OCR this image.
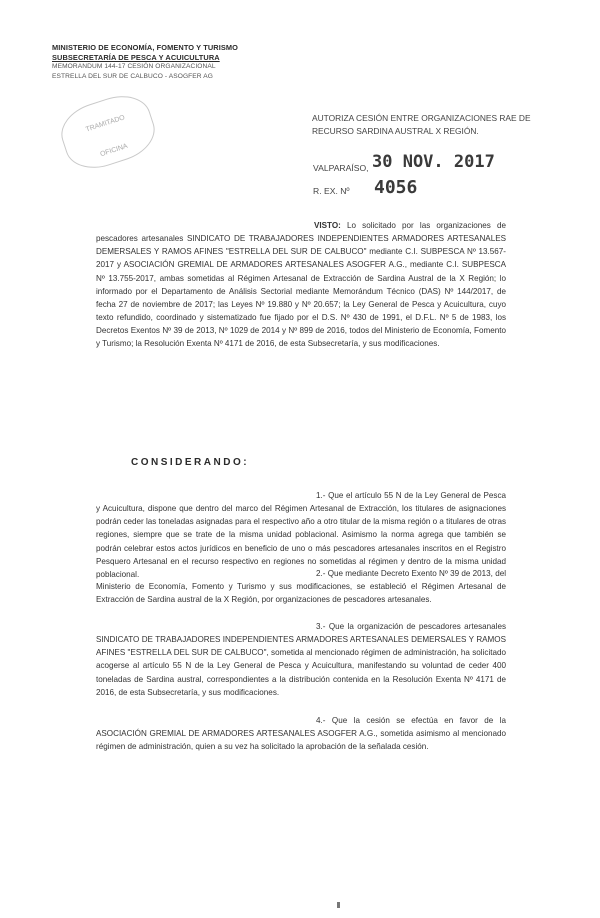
MINISTERIO DE ECONOMÍA, FOMENTO Y TURISMO
SUBSECRETARÍA DE PESCA Y ACUICULTURA
MEMORANDUM 144-17 CESIÓN ORGANIZACIONAL
ESTRELLA DEL SUR DE CALBUCO - ASOGFER AG
TRAMITADO
OFICINA
AUTORIZA CESIÓN ENTRE ORGANIZACIONES RAE DE RECURSO SARDINA AUSTRAL X REGIÓN.
VALPARAÍSO, 30 NOV. 2017
R. EX. Nº 4056
VISTO: Lo solicitado por las organizaciones de pescadores artesanales SINDICATO DE TRABAJADORES INDEPENDIENTES ARMADORES ARTESANALES DEMERSALES Y RAMOS AFINES "ESTRELLA DEL SUR DE CALBUCO" mediante C.I. SUBPESCA Nº 13.567-2017 y ASOCIACIÓN GREMIAL DE ARMADORES ARTESANALES ASOGFER A.G., mediante C.I. SUBPESCA Nº 13.755-2017, ambas sometidas al Régimen Artesanal de Extracción de Sardina Austral de la X Región; lo informado por el Departamento de Análisis Sectorial mediante Memorándum Técnico (DAS) Nº 144/2017, de fecha 27 de noviembre de 2017; las Leyes Nº 19.880 y Nº 20.657; la Ley General de Pesca y Acuicultura, cuyo texto refundido, coordinado y sistematizado fue fijado por el D.S. Nº 430 de 1991, el D.F.L. Nº 5 de 1983, los Decretos Exentos Nº 39 de 2013, Nº 1029 de 2014 y Nº 899 de 2016, todos del Ministerio de Economía, Fomento y Turismo; la Resolución Exenta Nº 4171 de 2016, de esta Subsecretaría, y sus modificaciones.
CONSIDERANDO:
1.- Que el artículo 55 N de la Ley General de Pesca y Acuicultura, dispone que dentro del marco del Régimen Artesanal de Extracción, los titulares de asignaciones podrán ceder las toneladas asignadas para el respectivo año a otro titular de la misma región o a titulares de otras regiones, siempre que se trate de la misma unidad poblacional. Asimismo la norma agrega que también se podrán celebrar estos actos jurídicos en beneficio de uno o más pescadores artesanales inscritos en el Registro Pesquero Artesanal en el recurso respectivo en regiones no sometidas al régimen y dentro de la misma unidad poblacional.	2.- Que mediante Decreto Exento Nº 39 de 2013, del Ministerio de Economía, Fomento y Turismo y sus modificaciones, se estableció el Régimen Artesanal de Extracción de Sardina austral de la X Región, por organizaciones de pescadores artesanales.
3.- Que la organización de pescadores artesanales SINDICATO DE TRABAJADORES INDEPENDIENTES ARMADORES ARTESANALES DEMERSALES Y RAMOS AFINES "ESTRELLA DEL SUR DE CALBUCO", sometida al mencionado régimen de administración, ha solicitado acogerse al artículo 55 N de la Ley General de Pesca y Acuicultura, manifestando su voluntad de ceder 400 toneladas de Sardina austral, correspondientes a la distribución contenida en la Resolución Exenta Nº 4171 de 2016, de esta Subsecretaría, y sus modificaciones.
4.- Que la cesión se efectúa en favor de la ASOCIACIÓN GREMIAL DE ARMADORES ARTESANALES ASOGFER A.G., sometida asimismo al mencionado régimen de administración, quien a su vez ha solicitado la aprobación de la señalada cesión.
